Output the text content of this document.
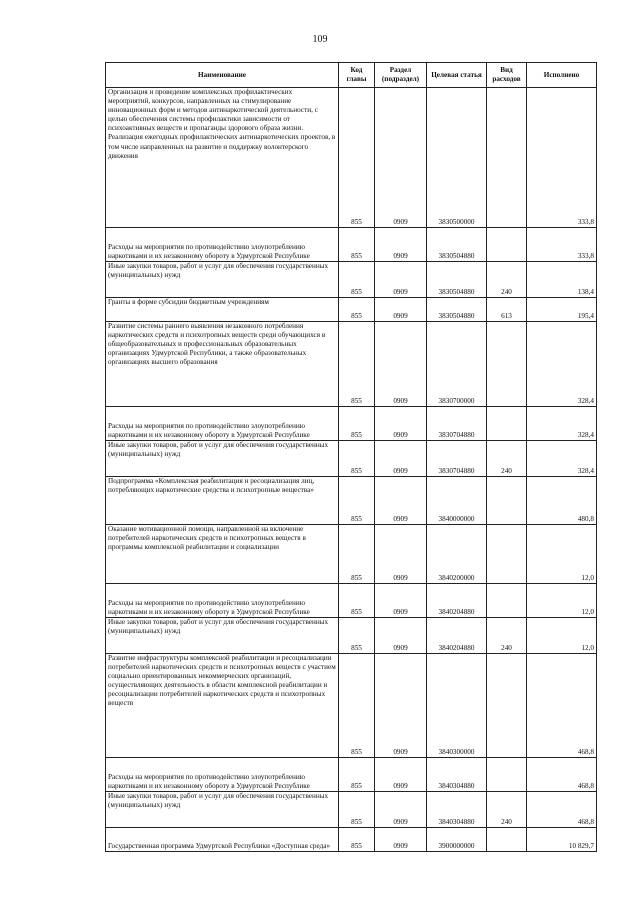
109
Наименование	Код главы	Раздел (подраздел)	Целевая статья	Вид расходов	Исполнено

Организация и проведение комплексных профилактических мероприятий, конкурсов, направленных на стимулирование инновационных форм и методов антинаркотической деятельности, с целью обеспечения системы профилактики зависимости от психоактивных веществ и пропаганды здорового образа жизни. Реализация ежегодных профилактических антинаркотических проектов, в том числе направленных на развитие и поддержку волонтерского движения	855	0909	3830500000		333,8

Расходы на мероприятия по противодействию злоупотреблению наркотиками и их незаконному обороту в Удмуртской Республике	855	0909	3830504880		333,8

Иные закупки товаров, работ и услуг для обеспечения государственных (муниципальных) нужд	855	0909	3830504880	240	138,4

Гранты в форме субсидии бюджетным учреждениям	855	0909	3830504880	613	195,4

Развитие системы раннего выявления незаконного потребления наркотических средств и психотропных веществ среди обучающихся в общеобразовательных и профессиональных образовательных организациях Удмуртской Республики, а также образовательных организациях высшего образования	855	0909	3830700000		328,4

Расходы на мероприятия по противодействию злоупотреблению наркотиками и их незаконному обороту в Удмуртской Республике	855	0909	3830704880		328,4

Иные закупки товаров, работ и услуг для обеспечения государственных (муниципальных) нужд	855	0909	3830704880	240	328,4

Подпрограмма «Комплексная реабилитация и ресоциализация лиц, потребляющих наркотические средства и психотропные вещества»	855	0909	3840000000		480,8

Оказание мотивационной помощи, направленной на включение потребителей наркотических средств и психотропных веществ в программы комплексной реабилитации и социализации	855	0909	3840200000		12,0

Расходы на мероприятия по противодействию злоупотреблению наркотиками и их незаконному обороту в Удмуртской Республике	855	0909	3840204880		12,0

Иные закупки товаров, работ и услуг для обеспечения государственных (муниципальных) нужд	855	0909	3840204880	240	12,0

Развитие инфраструктуры комплексной реабилитации и ресоциализации потребителей наркотических средств и психотропных веществ с участием социально ориентированных некоммерческих организаций, осуществляющих деятельность в области комплексной реабилитации и ресоциализации потребителей наркотических средств и психотропных веществ	855	0909	3840300000		468,8

Расходы на мероприятия по противодействию злоупотреблению наркотиками и их незаконному обороту в Удмуртской Республике	855	0909	3840304880		468,8

Иные закупки товаров, работ и услуг для обеспечения государственных (муниципальных) нужд	855	0909	3840304880	240	468,8

Государственная программа Удмуртской Республики «Доступная среда»	855	0909	3900000000		10 829,7
